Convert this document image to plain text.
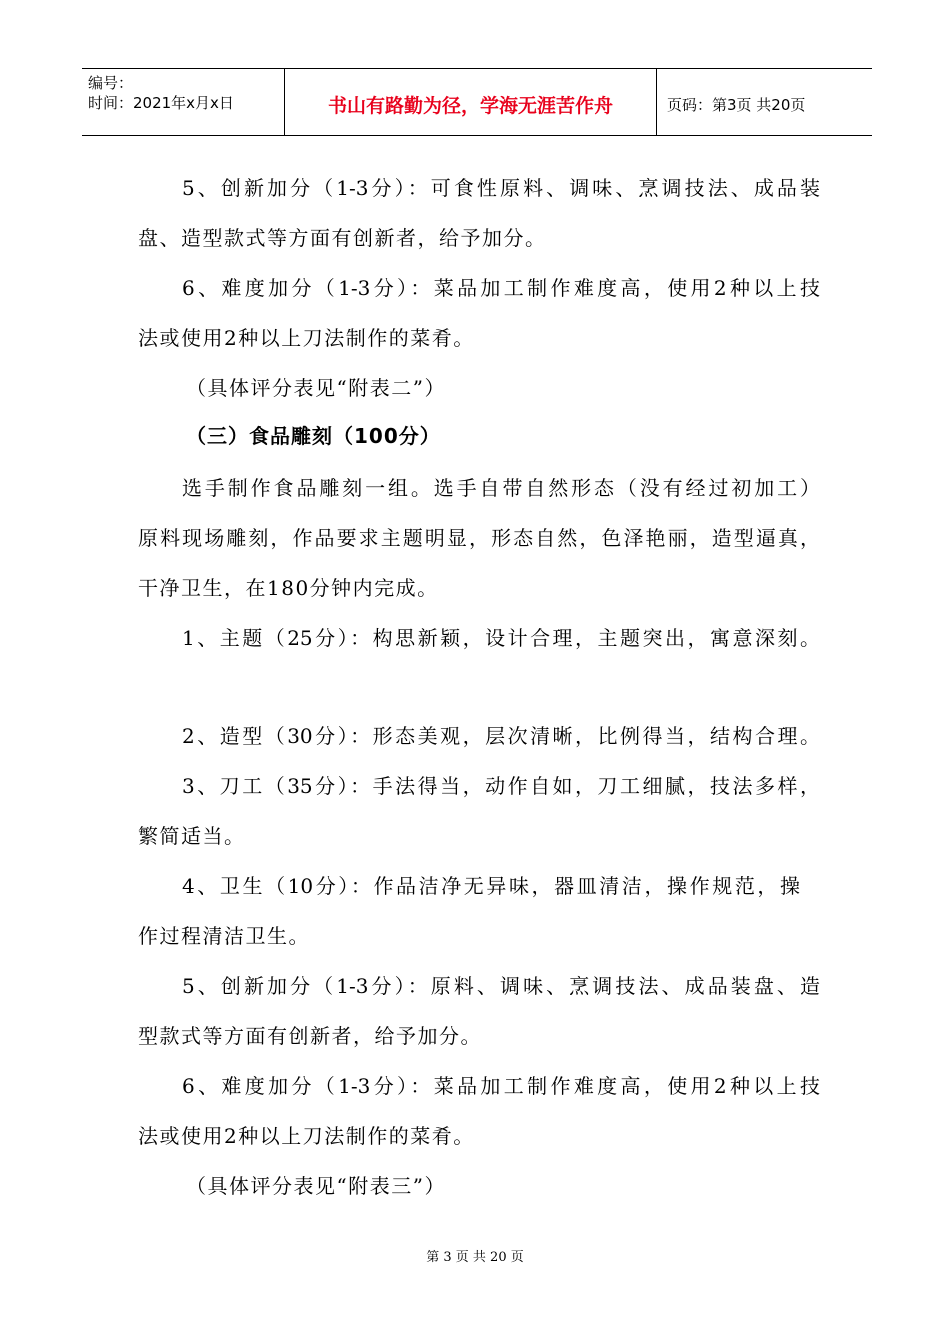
编号：
时间：2021年x月x日	书山有路勤为径，学海无涯苦作舟	页码：第3页 共20页
5、创新加分（1-3分）：可食性原料、调味、烹调技法、成品装
盘、造型款式等方面有创新者，给予加分。
6、难度加分（1-3分）：菜品加工制作难度高，使用2种以上技
法或使用2种以上刀法制作的菜肴。
（具体评分表见“附表二”）
（三）食品雕刻（100分）
选手制作食品雕刻一组。选手自带自然形态（没有经过初加工）
原料现场雕刻，作品要求主题明显，形态自然，色泽艳丽，造型逼真，
干净卫生，在180分钟内完成。
1、主题（25分）：构思新颖，设计合理，主题突出，寓意深刻。
2、造型（30分）：形态美观，层次清晰，比例得当，结构合理。
3、刀工（35分）：手法得当，动作自如，刀工细腻，技法多样，
繁简适当。
4、卫生（10分）：作品洁净无异味，器皿清洁，操作规范，操
作过程清洁卫生。
5、创新加分（1-3分）：原料、调味、烹调技法、成品装盘、造
型款式等方面有创新者，给予加分。
6、难度加分（1-3分）：菜品加工制作难度高，使用2种以上技
法或使用2种以上刀法制作的菜肴。
（具体评分表见“附表三”）
第 3 页 共 20 页
